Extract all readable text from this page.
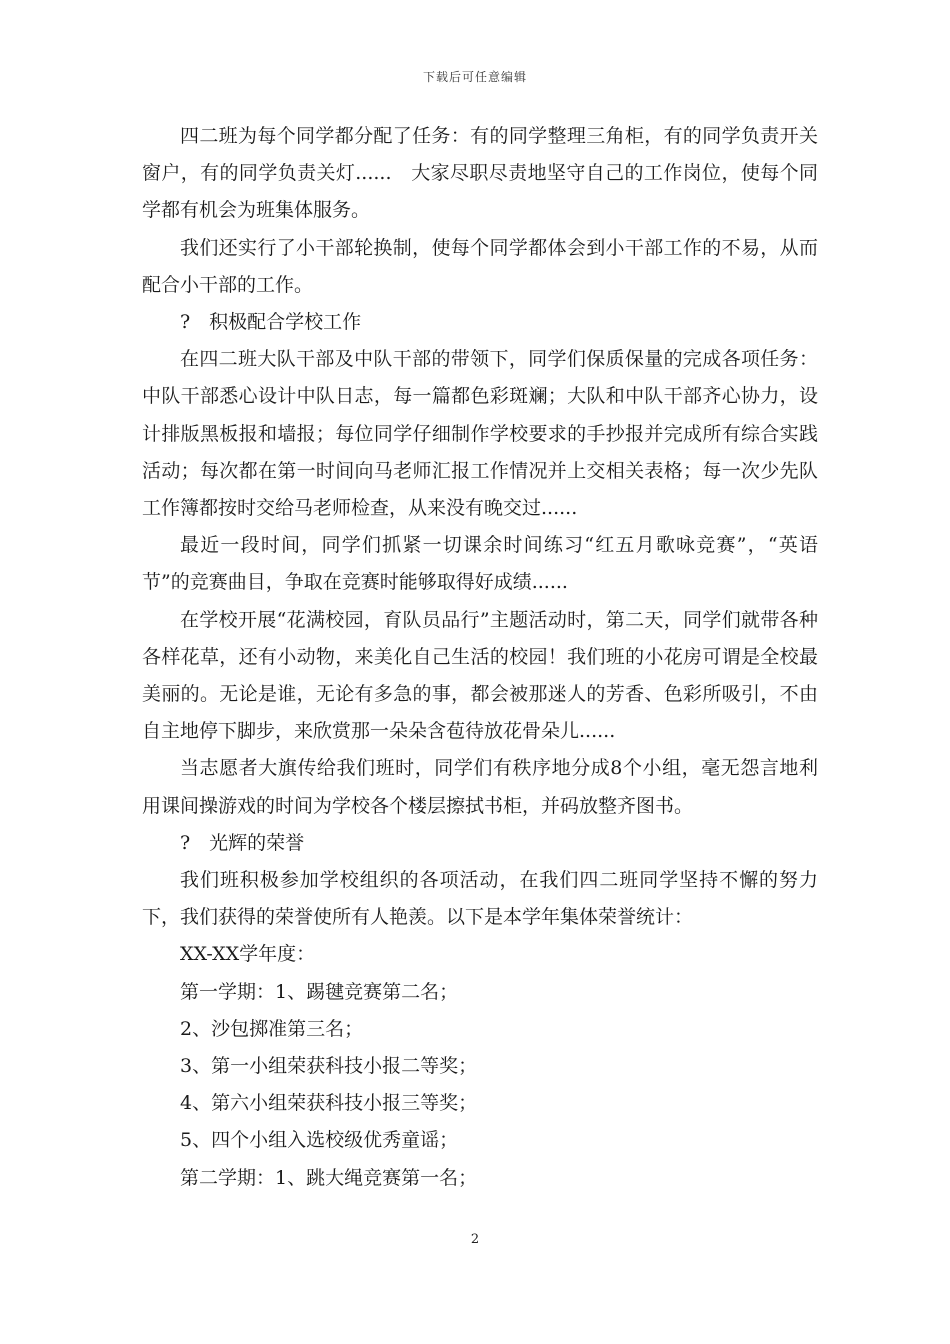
下载后可任意编辑

四二班为每个同学都分配了任务：有的同学整理三角柜，有的同学负责开关窗户，有的同学负责关灯......　大家尽职尽责地坚守自己的工作岗位，使每个同学都有机会为班集体服务。

我们还实行了小干部轮换制，使每个同学都体会到小干部工作的不易，从而配合小干部的工作。

?　积极配合学校工作

在四二班大队干部及中队干部的带领下，同学们保质保量的完成各项任务：中队干部悉心设计中队日志，每一篇都色彩斑斓；大队和中队干部齐心协力，设计排版黑板报和墙报；每位同学仔细制作学校要求的手抄报并完成所有综合实践活动；每次都在第一时间向马老师汇报工作情况并上交相关表格；每一次少先队工作簿都按时交给马老师检查，从来没有晚交过......

最近一段时间，同学们抓紧一切课余时间练习“红五月歌咏竞赛”，“英语节”的竞赛曲目，争取在竞赛时能够取得好成绩......

在学校开展“花满校园，育队员品行”主题活动时，第二天，同学们就带各种各样花草，还有小动物，来美化自己生活的校园！我们班的小花房可谓是全校最美丽的。无论是谁，无论有多急的事，都会被那迷人的芳香、色彩所吸引，不由自主地停下脚步，来欣赏那一朵朵含苞待放花骨朵儿......

当志愿者大旗传给我们班时，同学们有秩序地分成8个小组，毫无怨言地利用课间操游戏的时间为学校各个楼层擦拭书柜，并码放整齐图书。

?　光辉的荣誉

我们班积极参加学校组织的各项活动，在我们四二班同学坚持不懈的努力下，我们获得的荣誉使所有人艳羡。以下是本学年集体荣誉统计：

XX-XX学年度：

第一学期：1、踢毽竞赛第二名；

2、沙包掷准第三名；

3、第一小组荣获科技小报二等奖；

4、第六小组荣获科技小报三等奖；

5、四个小组入选校级优秀童谣；

第二学期：1、跳大绳竞赛第一名；

2
